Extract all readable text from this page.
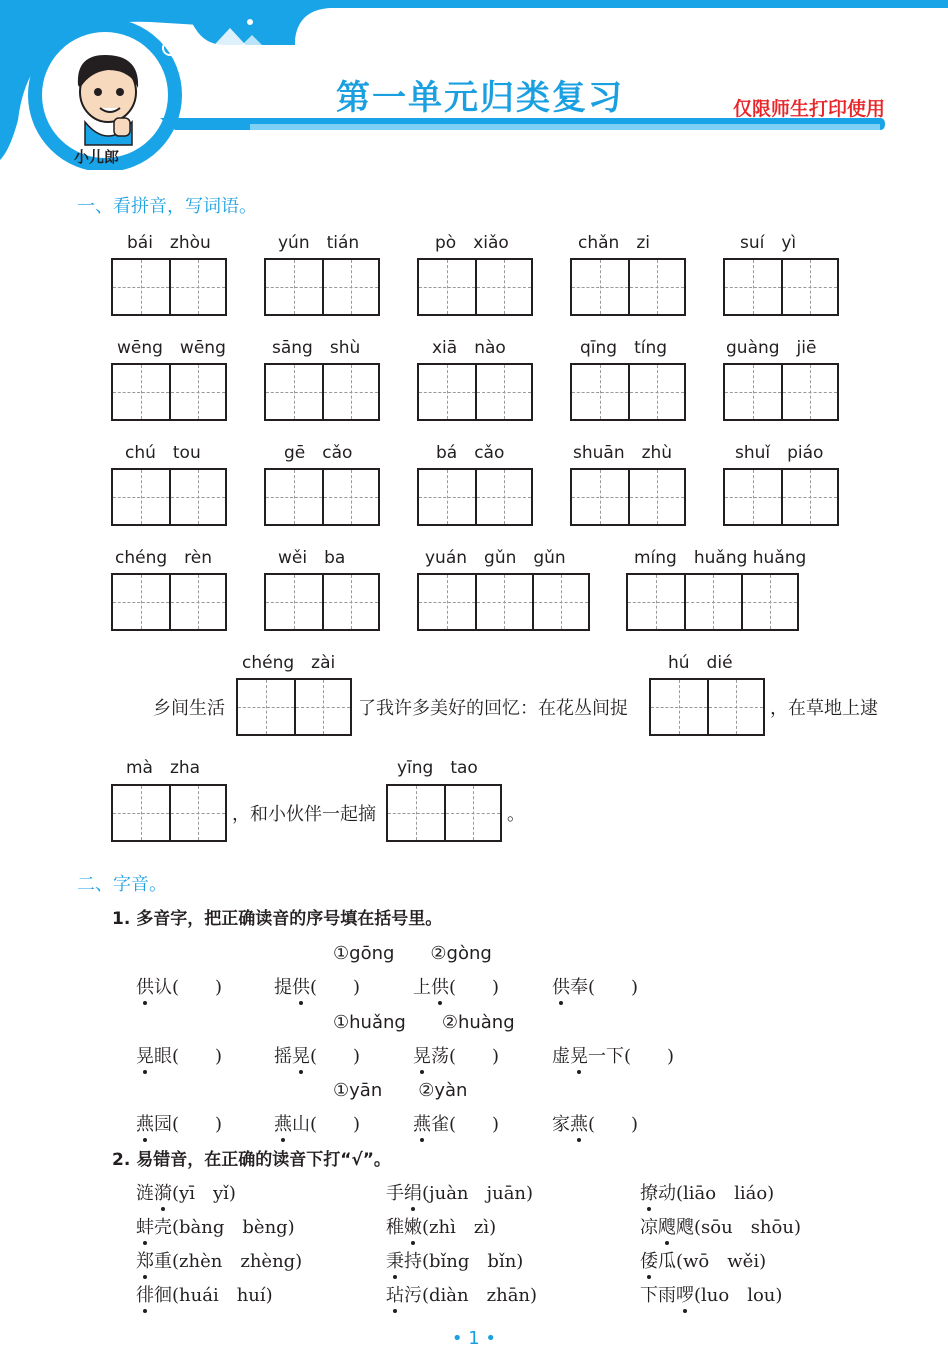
第一单元归类复习	仅限师生打印使用
小儿郎
一、看拼音，写词语。
bái　zhòu	yún　tián	pò　xiǎo	chǎn　zi	suí　yì
wēng　wēng	sāng　shù	xiā　nào	qīng　tíng	guàng　jiē
chú　tou	gē　cǎo	bá　cǎo	shuān　zhù	shuǐ　piáo
chéng　rèn	wěi　ba	yuán　gǔn　gǔn	míng　huǎng huǎng
chéng　zài	hú　dié
乡间生活	了我许多美好的回忆：在花丛间捉	，在草地上逮
mà　zha	yīng　tao
，和小伙伴一起摘	。
二、字音。
1. 多音字，把正确读音的序号填在括号里。
①gōng　　②gòng
供认(　　)	提供(　　)	上供(　　)	供奉(　　)
①huǎng　　②huàng
晃眼(　　)	摇晃(　　)	晃荡(　　)	虚晃一下(　　)
①yān　　②yàn
燕园(　　)	燕山(　　)	燕雀(　　)	家燕(　　)
2. 易错音，在正确的读音下打“√”。
涟漪(yī　yǐ)	手绢(juàn　juān)	撩动(liāo　liáo)
蚌壳(bàng　bèng)	稚嫩(zhì　zì)	凉飕飕(sōu　shōu)
郑重(zhèn　zhèng)	秉持(bǐng　bǐn)	倭瓜(wō　wěi)
徘徊(huái　huí)	玷污(diàn　zhān)	下雨啰(luo　lou)
• 1 •
